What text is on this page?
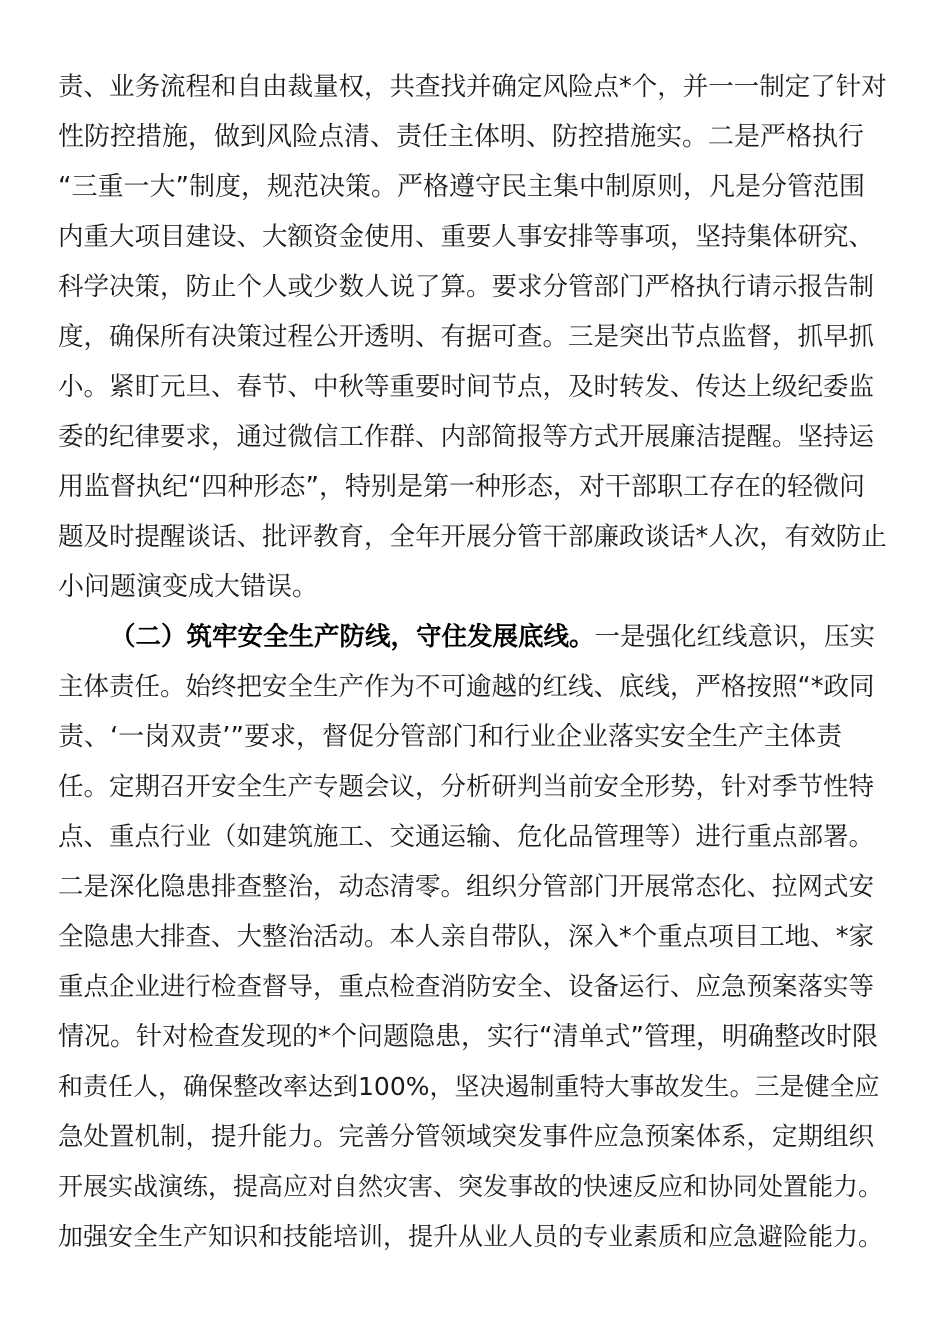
责、业务流程和自由裁量权，共查找并确定风险点*个，并一一制定了针对
性防控措施，做到风险点清、责任主体明、防控措施实。二是严格执行
“三重一大”制度，规范决策。严格遵守民主集中制原则，凡是分管范围
内重大项目建设、大额资金使用、重要人事安排等事项，坚持集体研究、
科学决策，防止个人或少数人说了算。要求分管部门严格执行请示报告制
度，确保所有决策过程公开透明、有据可查。三是突出节点监督，抓早抓
小。紧盯元旦、春节、中秋等重要时间节点，及时转发、传达上级纪委监
委的纪律要求，通过微信工作群、内部简报等方式开展廉洁提醒。坚持运
用监督执纪“四种形态”，特别是第一种形态，对干部职工存在的轻微问
题及时提醒谈话、批评教育，全年开展分管干部廉政谈话*人次，有效防止
小问题演变成大错误。
（二）筑牢安全生产防线，守住发展底线。一是强化红线意识，压实
主体责任。始终把安全生产作为不可逾越的红线、底线，严格按照“*政同
责、‘一岗双责’”要求，督促分管部门和行业企业落实安全生产主体责
任。定期召开安全生产专题会议，分析研判当前安全形势，针对季节性特
点、重点行业（如建筑施工、交通运输、危化品管理等）进行重点部署。
二是深化隐患排查整治，动态清零。组织分管部门开展常态化、拉网式安
全隐患大排查、大整治活动。本人亲自带队，深入*个重点项目工地、*家
重点企业进行检查督导，重点检查消防安全、设备运行、应急预案落实等
情况。针对检查发现的*个问题隐患，实行“清单式”管理，明确整改时限
和责任人，确保整改率达到100%，坚决遏制重特大事故发生。三是健全应
急处置机制，提升能力。完善分管领域突发事件应急预案体系，定期组织
开展实战演练，提高应对自然灾害、突发事故的快速反应和协同处置能力。
加强安全生产知识和技能培训，提升从业人员的专业素质和应急避险能力。
